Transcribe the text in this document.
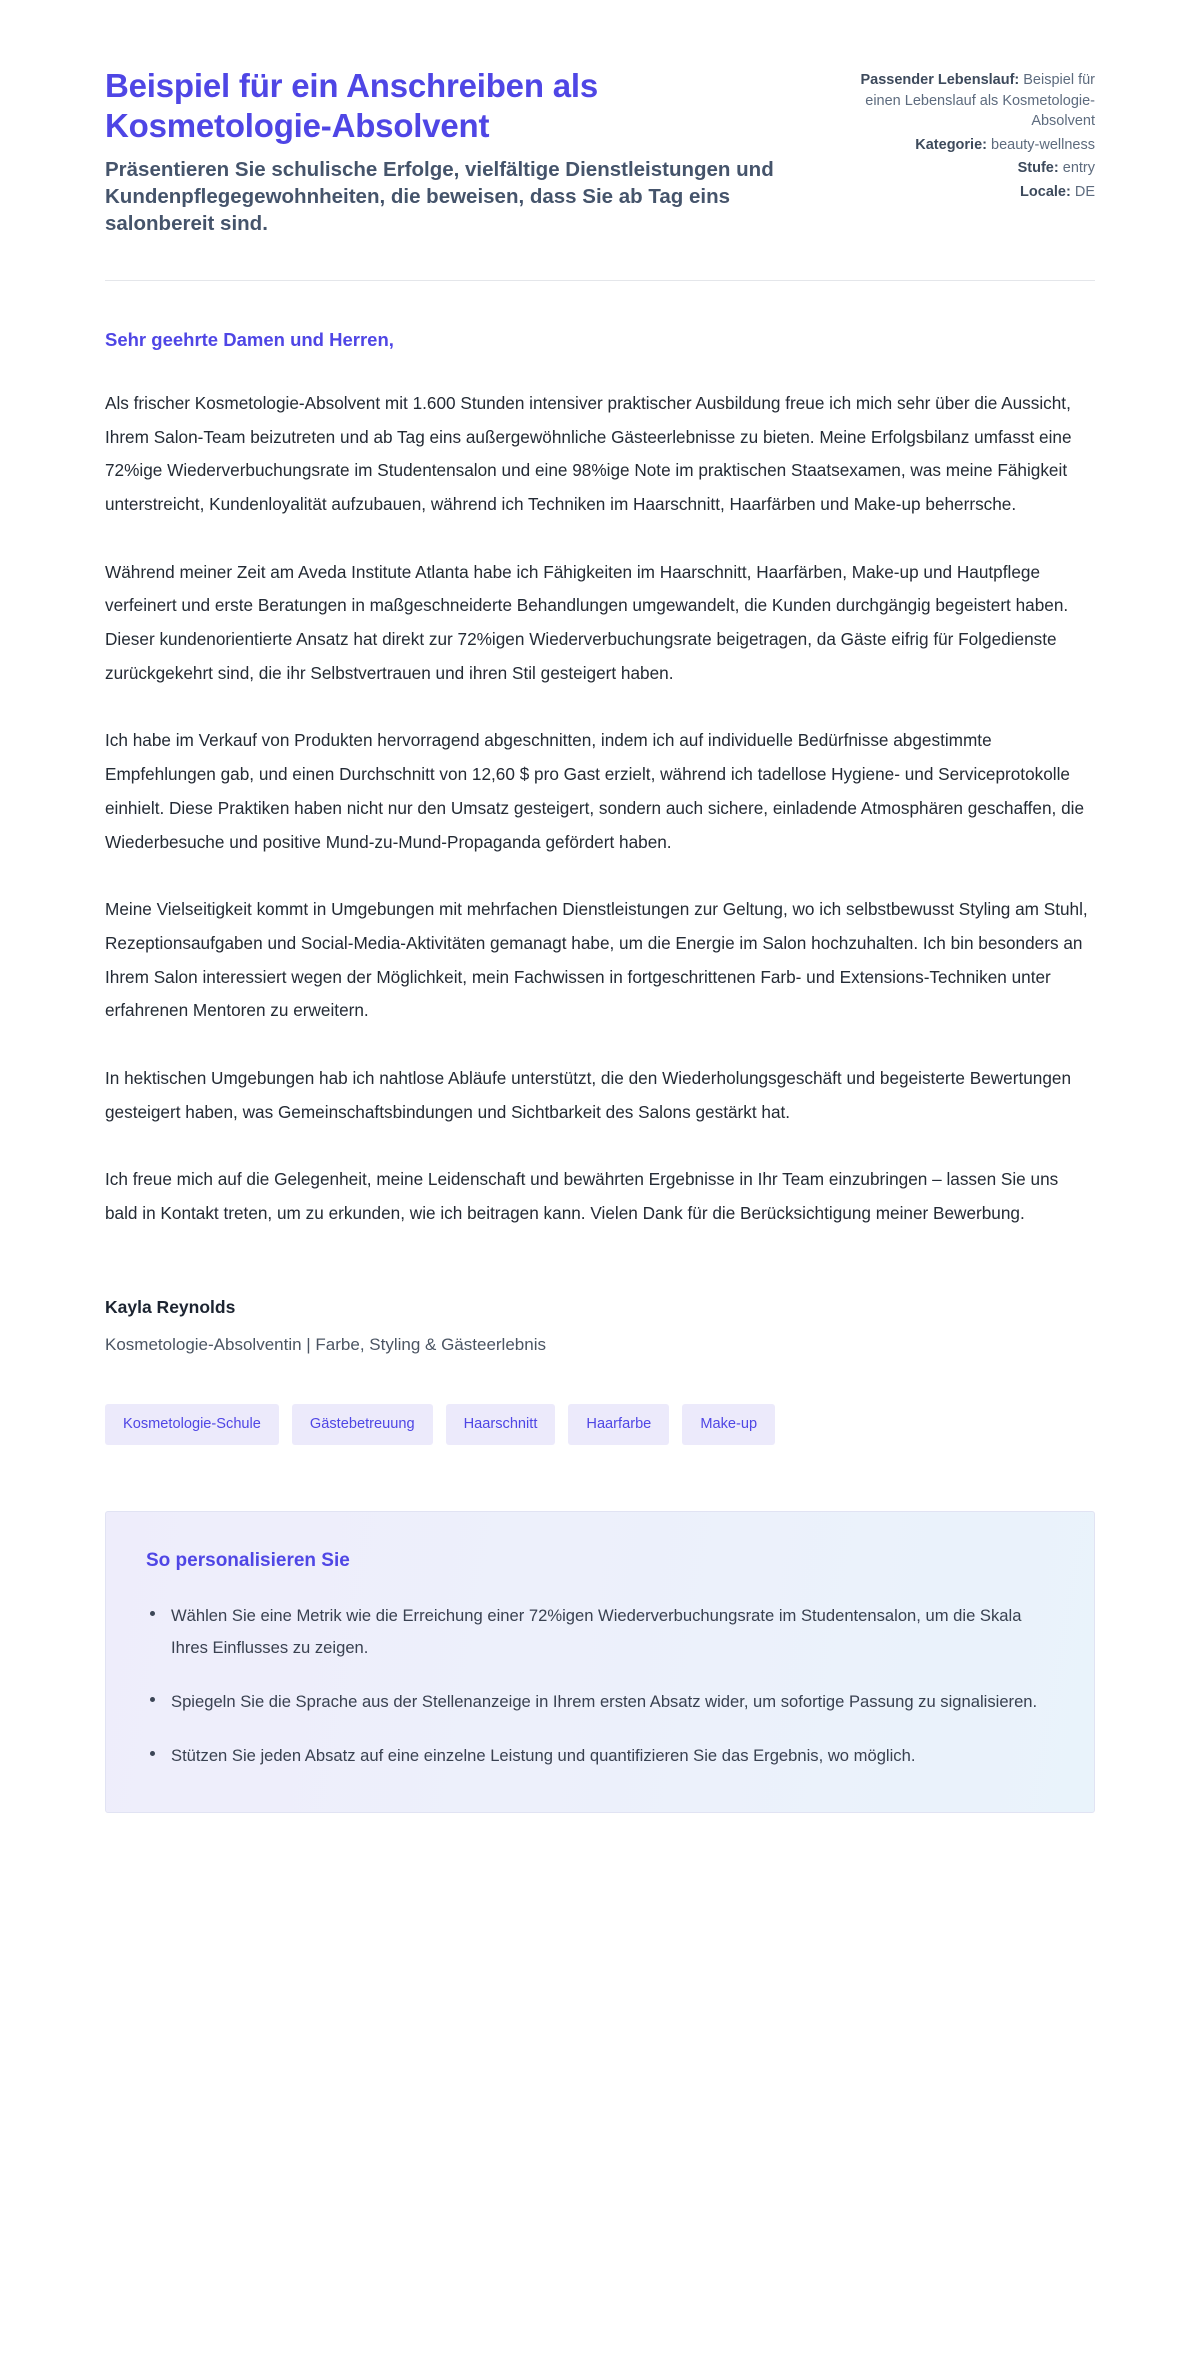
Beispiel für ein Anschreiben als Kosmetologie-Absolvent

Präsentieren Sie schulische Erfolge, vielfältige Dienstleistungen und Kundenpflegegewohnheiten, die beweisen, dass Sie ab Tag eins salonbereit sind.

Passender Lebenslauf: Beispiel für einen Lebenslauf als Kosmetologie-Absolvent
Kategorie: beauty-wellness
Stufe: entry
Locale: DE

Sehr geehrte Damen und Herren,

Als frischer Kosmetologie-Absolvent mit 1.600 Stunden intensiver praktischer Ausbildung freue ich mich sehr über die Aussicht, Ihrem Salon-Team beizutreten und ab Tag eins außergewöhnliche Gästeerlebnisse zu bieten. Meine Erfolgsbilanz umfasst eine 72%ige Wiederverbuchungsrate im Studentensalon und eine 98%ige Note im praktischen Staatsexamen, was meine Fähigkeit unterstreicht, Kundenloyalität aufzubauen, während ich Techniken im Haarschnitt, Haarfärben und Make-up beherrsche.

Während meiner Zeit am Aveda Institute Atlanta habe ich Fähigkeiten im Haarschnitt, Haarfärben, Make-up und Hautpflege verfeinert und erste Beratungen in maßgeschneiderte Behandlungen umgewandelt, die Kunden durchgängig begeistert haben. Dieser kundenorientierte Ansatz hat direkt zur 72%igen Wiederverbuchungsrate beigetragen, da Gäste eifrig für Folgedienste zurückgekehrt sind, die ihr Selbstvertrauen und ihren Stil gesteigert haben.

Ich habe im Verkauf von Produkten hervorragend abgeschnitten, indem ich auf individuelle Bedürfnisse abgestimmte Empfehlungen gab, und einen Durchschnitt von 12,60 $ pro Gast erzielt, während ich tadellose Hygiene- und Serviceprotokolle einhielt. Diese Praktiken haben nicht nur den Umsatz gesteigert, sondern auch sichere, einladende Atmosphären geschaffen, die Wiederbesuche und positive Mund-zu-Mund-Propaganda gefördert haben.

Meine Vielseitigkeit kommt in Umgebungen mit mehrfachen Dienstleistungen zur Geltung, wo ich selbstbewusst Styling am Stuhl, Rezeptionsaufgaben und Social-Media-Aktivitäten gemanagt habe, um die Energie im Salon hochzuhalten. Ich bin besonders an Ihrem Salon interessiert wegen der Möglichkeit, mein Fachwissen in fortgeschrittenen Farb- und Extensions-Techniken unter erfahrenen Mentoren zu erweitern.

In hektischen Umgebungen hab ich nahtlose Abläufe unterstützt, die den Wiederholungsgeschäft und begeisterte Bewertungen gesteigert haben, was Gemeinschaftsbindungen und Sichtbarkeit des Salons gestärkt hat.

Ich freue mich auf die Gelegenheit, meine Leidenschaft und bewährten Ergebnisse in Ihr Team einzubringen – lassen Sie uns bald in Kontakt treten, um zu erkunden, wie ich beitragen kann. Vielen Dank für die Berücksichtigung meiner Bewerbung.

Kayla Reynolds

Kosmetologie-Absolventin | Farbe, Styling & Gästeerlebnis

Kosmetologie-Schule	Gästebetreuung	Haarschnitt	Haarfarbe	Make-up
So personalisieren Sie
Wählen Sie eine Metrik wie die Erreichung einer 72%igen Wiederverbuchungsrate im Studentensalon, um die Skala Ihres Einflusses zu zeigen.
Spiegeln Sie die Sprache aus der Stellenanzeige in Ihrem ersten Absatz wider, um sofortige Passung zu signalisieren.
Stützen Sie jeden Absatz auf eine einzelne Leistung und quantifizieren Sie das Ergebnis, wo möglich.
